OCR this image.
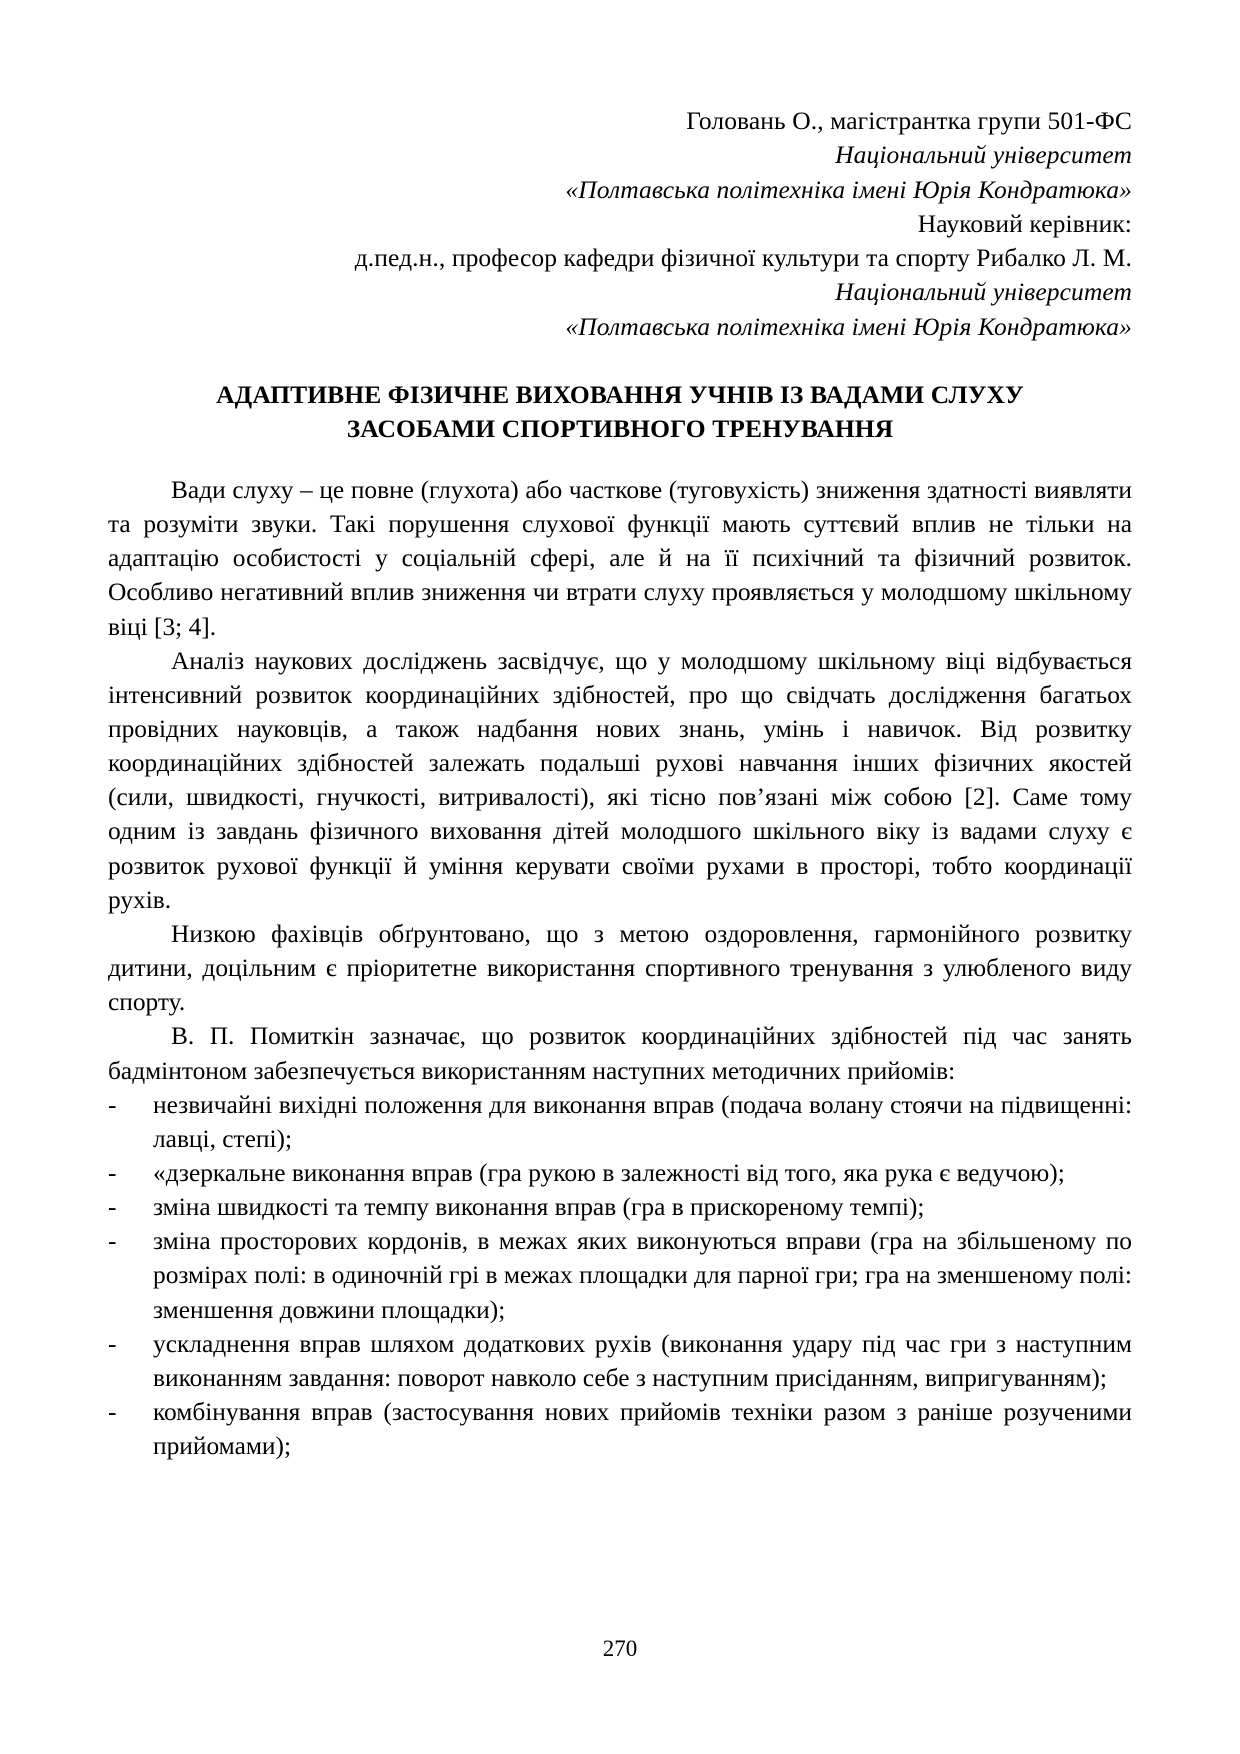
Головань О., магістрантка групи 501-ФС
Національний університет
«Полтавська політехніка імені Юрія Кондратюка»
Науковий керівник:
д.пед.н., професор кафедри фізичної культури та спорту Рибалко Л. М.
Національний університет
«Полтавська політехніка імені Юрія Кондратюка»
АДАПТИВНЕ ФІЗИЧНЕ ВИХОВАННЯ УЧНІВ ІЗ ВАДАМИ СЛУХУ
ЗАСОБАМИ СПОРТИВНОГО ТРЕНУВАННЯ

Вади слуху – це повне (глухота) або часткове (туговухість) зниження здатності виявляти та розуміти звуки. Такі порушення слухової функції мають суттєвий вплив не тільки на адаптацію особистості у соціальній сфері, але й на її психічний та фізичний розвиток. Особливо негативний вплив зниження чи втрати слуху проявляється у молодшому шкільному віці [3; 4].

Аналіз наукових досліджень засвідчує, що у молодшому шкільному віці відбувається інтенсивний розвиток координаційних здібностей, про що свідчать дослідження багатьох провідних науковців, а також надбання нових знань, умінь і навичок. Від розвитку координаційних здібностей залежать подальші рухові навчання інших фізичних якостей (сили, швидкості, гнучкості, витривалості), які тісно пов’язані між собою [2]. Саме тому одним із завдань фізичного виховання дітей молодшого шкільного віку із вадами слуху є розвиток рухової функції й уміння керувати своїми рухами в просторі, тобто координації рухів.

Низкою фахівців обґрунтовано, що з метою оздоровлення, гармонійного розвитку дитини, доцільним є пріоритетне використання спортивного тренування з улюбленого виду спорту.

В. П. Помиткін зазначає, що розвиток координаційних здібностей під час занять бадмінтоном забезпечується використанням наступних методичних прийомів:

-	незвичайні вихідні положення для виконання вправ (подача волану стоячи на підвищенні: лавці, степі);
-	«дзеркальне виконання вправ (гра рукою в залежності від того, яка рука є ведучою);
-	зміна швидкості та темпу виконання вправ (гра в прискореному темпі);
-	зміна просторових кордонів, в межах яких виконуються вправи (гра на збільшеному по розмірах полі: в одиночній грі в межах площадки для парної гри; гра на зменшеному полі: зменшення довжини площадки);
-	ускладнення вправ шляхом додаткових рухів (виконання удару під час гри з наступним виконанням завдання: поворот навколо себе з наступним присіданням, випригуванням);
-	комбінування вправ (застосування нових прийомів техніки разом з раніше розученими прийомами);
270
